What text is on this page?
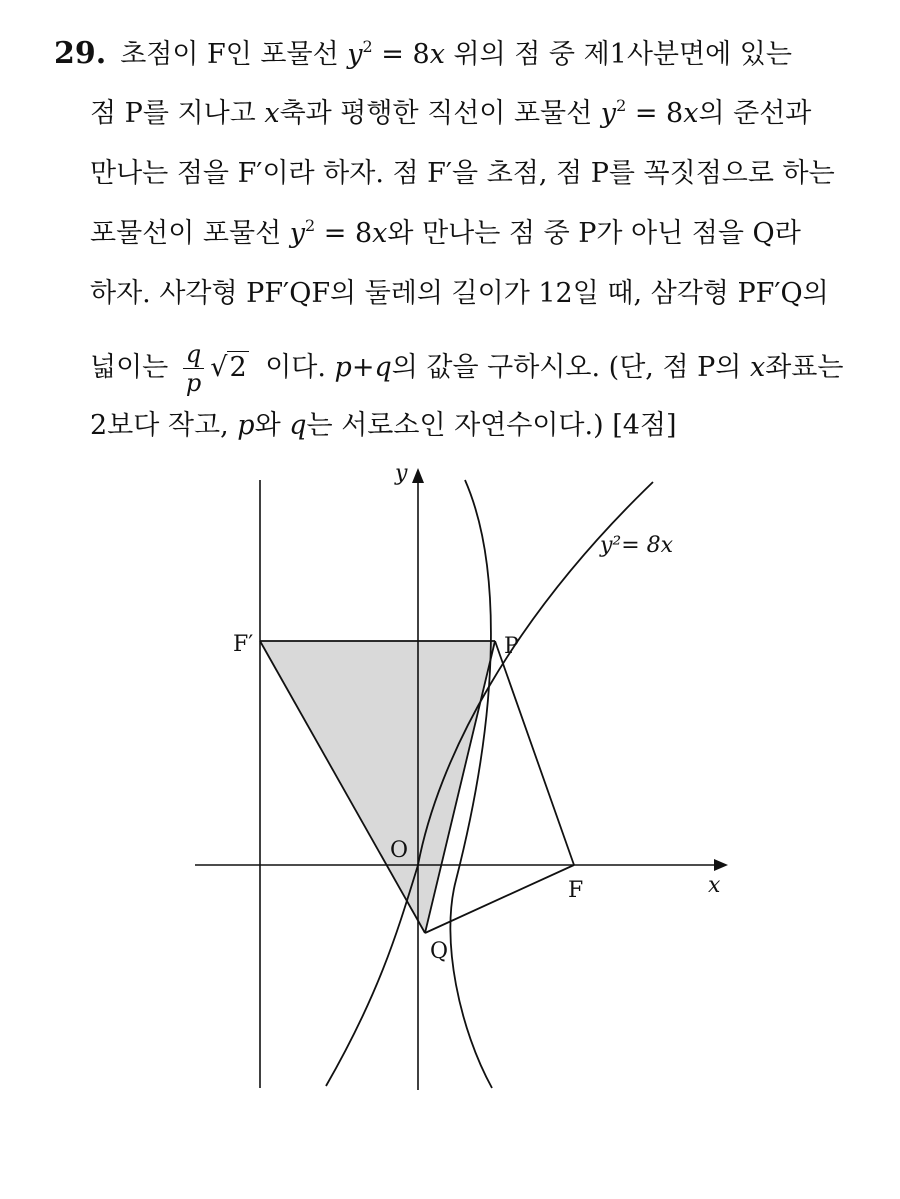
29. 초점이 F인 포물선 $y^2 = 8x$ 위의 점 중 제1사분면에 있는
점 P를 지나고 x축과 평행한 직선이 포물선 $y^2 = 8x$의 준선과
만나는 점을 F′이라 하자. 점 F′을 초점, 점 P를 꼭짓점으로 하는
포물선이 포물선 $y^2 = 8x$와 만나는 점 중 P가 아닌 점을 Q라
하자. 사각형 PF′QF의 둘레의 길이가 12일 때, 삼각형 PF′Q의
넓이는 $\frac{q}{p} √2$ 이다. p+q의 값을 구하시오. (단, 점 P의 x좌표는
2보다 작고, p와 q는 서로소인 자연수이다.) [4점]
y
x
O
P
F
F′
Q
y²= 8x
